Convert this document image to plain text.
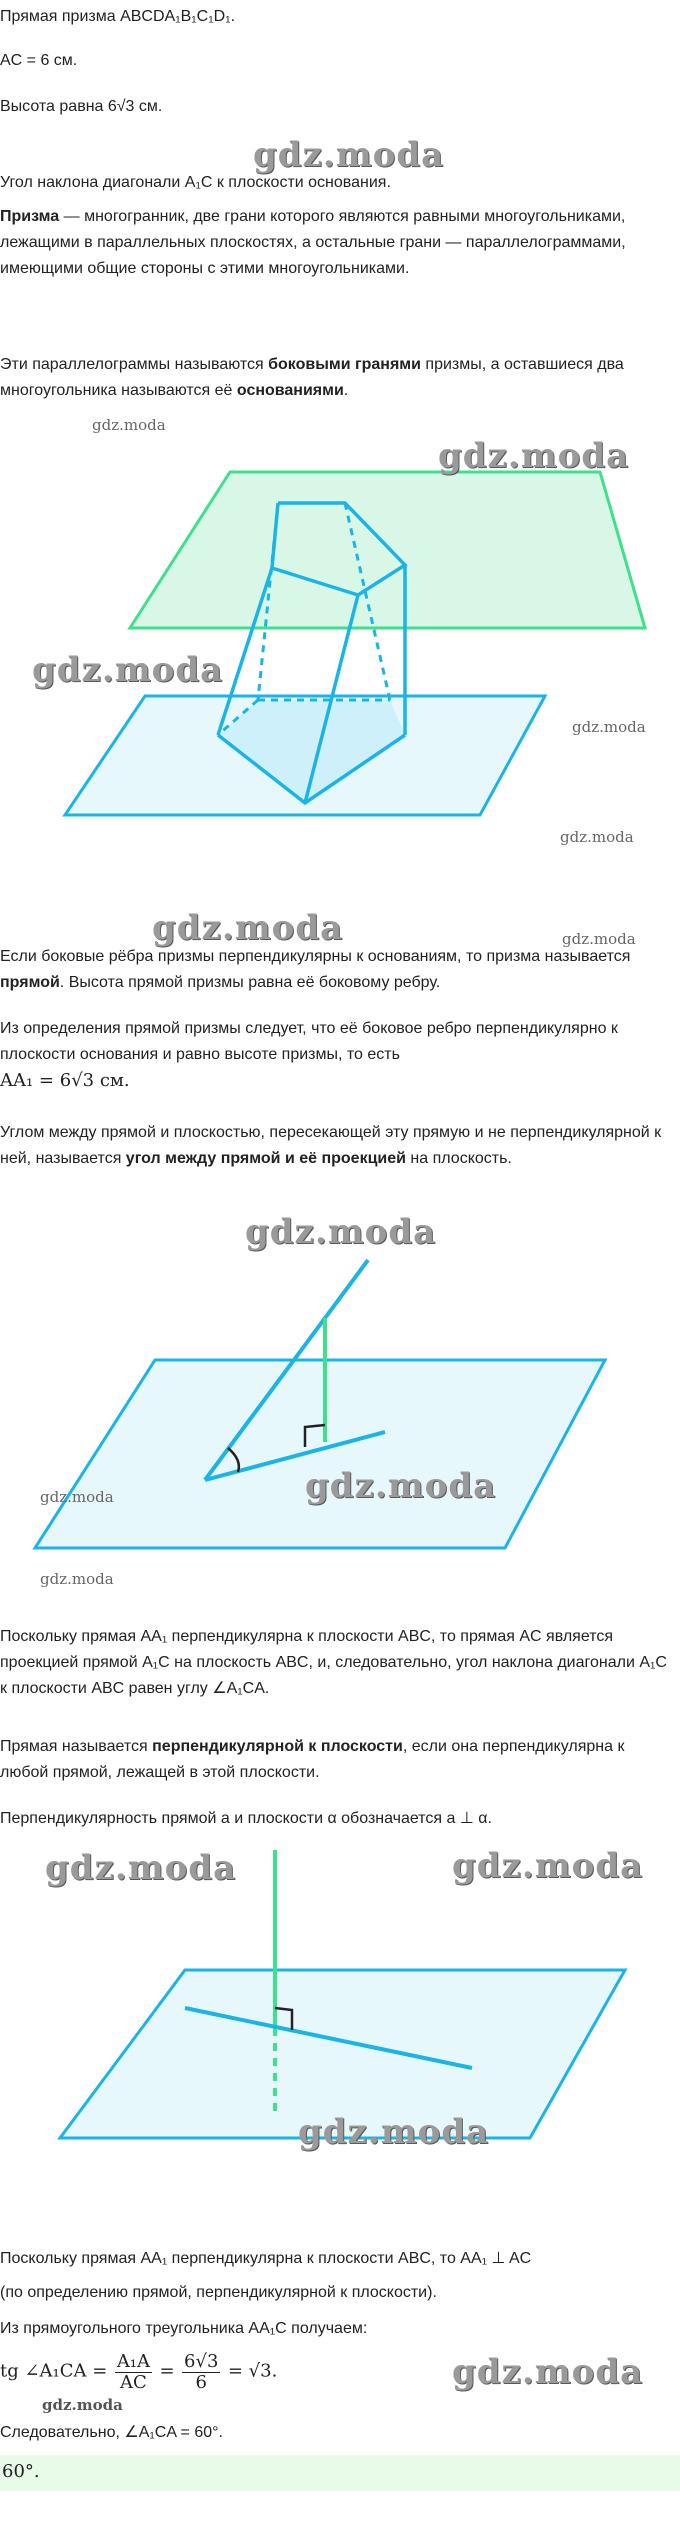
Прямая призма ABCDA₁B₁C₁D₁.

AC = 6 см.

Высота равна 6√3 см.

Угол наклона диагонали A₁C к плоскости основания.

gdz.moda

Призма — многогранник, две грани которого являются равными многоугольниками, лежащими в параллельных плоскостях, а остальные грани — параллелограммами, имеющими общие стороны с этими многоугольниками.

Эти параллелограммы называются боковыми гранями призмы, а оставшиеся два многоугольника называются её основаниями.

gdz.moda
gdz.moda
gdz.moda
gdz.moda
gdz.moda
gdz.moda	gdz.moda

Если боковые рёбра призмы перпендикулярны к основаниям, то призма называется прямой. Высота прямой призмы равна её боковому ребру.

Из определения прямой призмы следует, что её боковое ребро перпендикулярно к плоскости основания и равно высоте призмы, то есть
AA₁ = 6√3 см.

Углом между прямой и плоскостью, пересекающей эту прямую и не перпендикулярной к ней, называется угол между прямой и её проекцией на плоскость.

gdz.moda
gdz.moda
gdz.moda
gdz.moda

Поскольку прямая AA₁ перпендикулярна к плоскости ABC, то прямая AC является проекцией прямой A₁C на плоскость ABC, и, следовательно, угол наклона диагонали A₁C к плоскости ABC равен углу ∠A₁CA.

Прямая называется перпендикулярной к плоскости, если она перпендикулярна к любой прямой, лежащей в этой плоскости.

Перпендикулярность прямой a и плоскости α обозначается a ⊥ α.

gdz.moda	gdz.moda
gdz.moda

Поскольку прямая AA₁ перпендикулярна к плоскости ABC, то AA₁ ⊥ AC

(по определению прямой, перпендикулярной к плоскости).

Из прямоугольного треугольника AA₁C получаем:

tg ∠A₁CA = $\frac{\text{A₁A}}{AC} = \frac{6√3}{6} = √3$.	gdz.moda
gdz.moda

Следовательно, ∠A₁CA = 60°.

60°.
